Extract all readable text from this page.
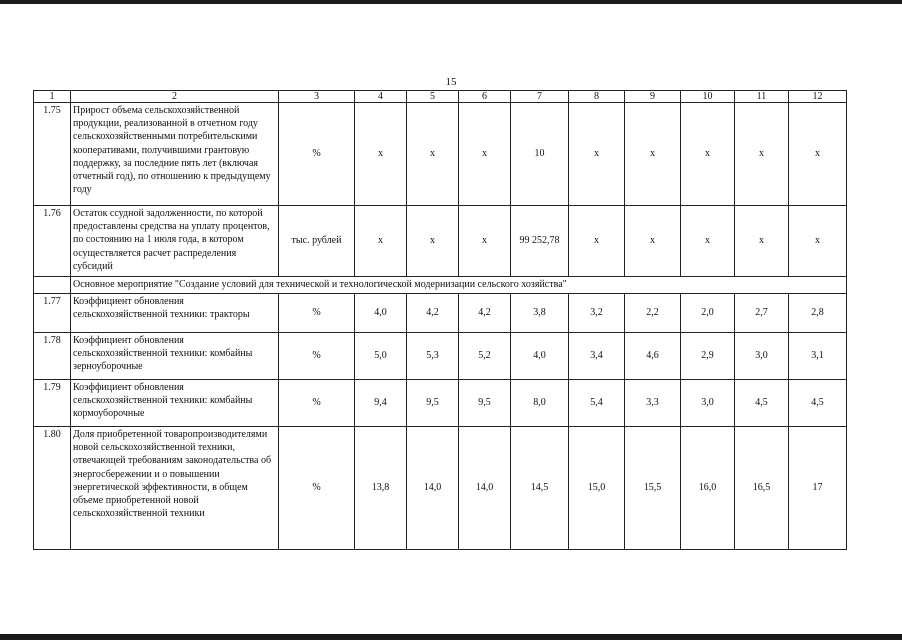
15
1	2	3	4	5	6	7	8	9	10	11	12
1.75	Прирост объема сельскохозяйственной продукции, реализованной в отчетном году сельскохозяйственными потребительскими кооперативами, получившими грантовую поддержку, за последние пять лет (включая отчетный год), по отношению к предыдущему году	%	х	х	х	10	х	х	х	х	х
1.76	Остаток ссудной задолженности, по которой предоставлены средства на уплату процентов, по состоянию на 1 июля года, в котором осуществляется расчет распределения субсидий	тыс. рублей	х	х	х	99 252,78	х	х	х	х	х
	Основное мероприятие "Создание условий для технической и технологической модернизации сельского хозяйства"										
1.77	Коэффициент обновления сельскохозяйственной техники: тракторы	%	4,0	4,2	4,2	3,8	3,2	2,2	2,0	2,7	2,8
1.78	Коэффициент обновления сельскохозяйственной техники: комбайны зерноуборочные	%	5,0	5,3	5,2	4,0	3,4	4,6	2,9	3,0	3,1
1.79	Коэффициент обновления сельскохозяйственной техники: комбайны кормоуборочные	%	9,4	9,5	9,5	8,0	5,4	3,3	3,0	4,5	4,5
1.80	Доля приобретенной товаропроизводителями новой сельскохозяйственной техники, отвечающей требованиям законодательства об энергосбережении и о повышении энергетической эффективности, в общем объеме приобретенной новой сельскохозяйственной техники	%	13,8	14,0	14,0	14,5	15,0	15,5	16,0	16,5	17
